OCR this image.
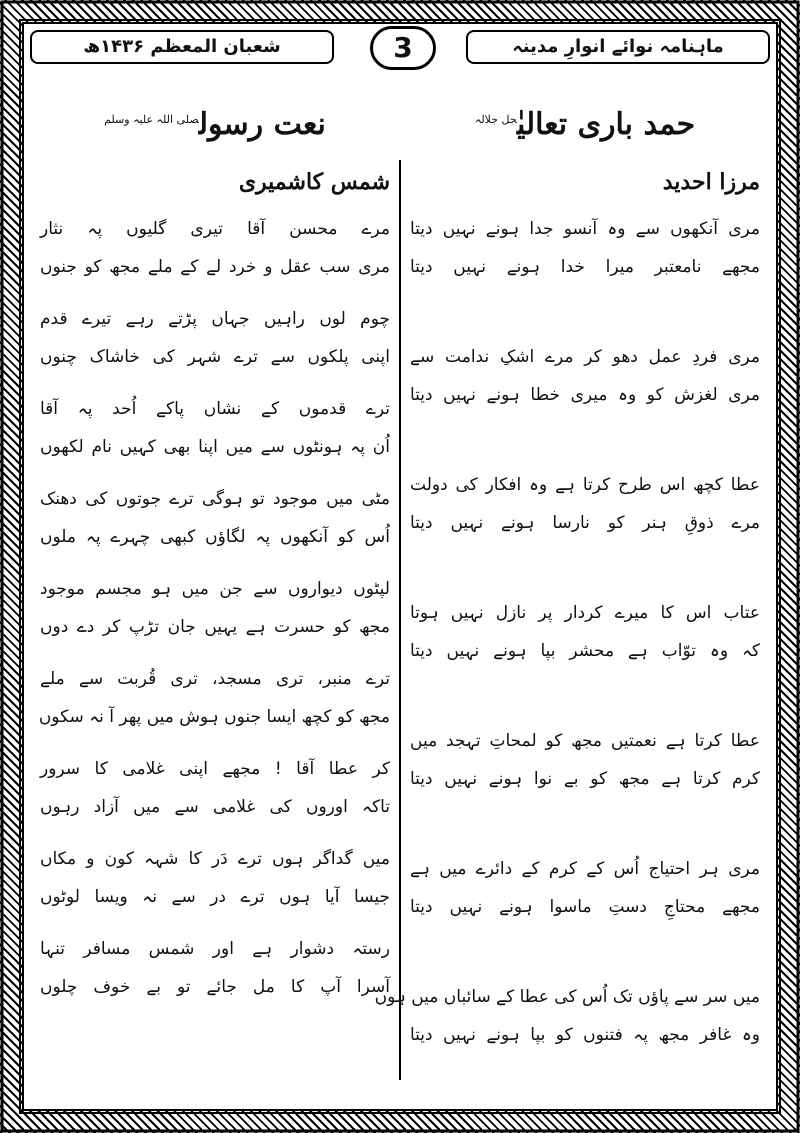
ماہنامہ نوائے انوارِ مدینہ
3
شعبان المعظم ۱۴۳۶ھ
حمد باری تعالیٰ$^{جل جلالہ}$
مرزا احدید
مری آنکھوں سے وہ آنسو جدا ہونے نہیں دیتا
مجھے نامعتبر میرا خدا ہونے نہیں دیتا
مری فردِ عمل دھو کر مرے اشکِ ندامت سے
مری لغزش کو وہ میری خطا ہونے نہیں دیتا
عطا کچھ اس طرح کرتا ہے وہ افکار کی دولت
مرے ذوقِ ہنر کو نارسا ہونے نہیں دیتا
عتاب اس کا میرے کردار پر نازل نہیں ہوتا
کہ وہ توّاب ہے محشر بپا ہونے نہیں دیتا
عطا کرتا ہے نعمتیں مجھ کو لمحاتِ تہجد میں
کرم کرتا ہے مجھ کو بے نوا ہونے نہیں دیتا
مری ہر احتیاج اُس کے کرم کے دائرے میں ہے
مجھے محتاجِ دستِ ماسوا ہونے نہیں دیتا
میں سر سے پاؤں تک اُس کی عطا کے سائباں میں ہوں
وہ غافر مجھ پہ فتنوں کو بپا ہونے نہیں دیتا
نعت رسول$^{صلی اللہ علیہ وسلم}$
شمس کاشمیری
مرے محسن آقا تیری گلیوں پہ نثار
مری سب عقل و خرد لے کے ملے مجھ کو جنوں
چوم لوں راہیں جہاں پڑتے رہے تیرے قدم
اپنی پلکوں سے ترے شہر کی خاشاک چنوں
ترے قدموں کے نشاں پاکے اُحد پہ آقا
اُن پہ ہونٹوں سے میں اپنا بھی کہیں نام لکھوں
مٹی میں موجود تو ہوگی ترے جوتوں کی دھنک
اُس کو آنکھوں پہ لگاؤں کبھی چہرے پہ ملوں
لپٹوں دیواروں سے جن میں ہو مجسم موجود
مجھ کو حسرت ہے یہیں جان تڑپ کر دے دوں
ترے منبر، تری مسجد، تری قُربت سے ملے
مجھ کو کچھ ایسا جنوں ہوش میں پھر آ نہ سکوں
کر عطا آقا ! مجھے اپنی غلامی کا سرور
تاکہ اوروں کی غلامی سے میں آزاد رہوں
میں گداگر ہوں ترے دَر کا شہہ کون و مکاں
جیسا آیا ہوں ترے در سے نہ ویسا لوٹوں
رستہ دشوار ہے اور شمس مسافر تنہا
آسرا آپ کا مل جائے تو بے خوف چلوں
